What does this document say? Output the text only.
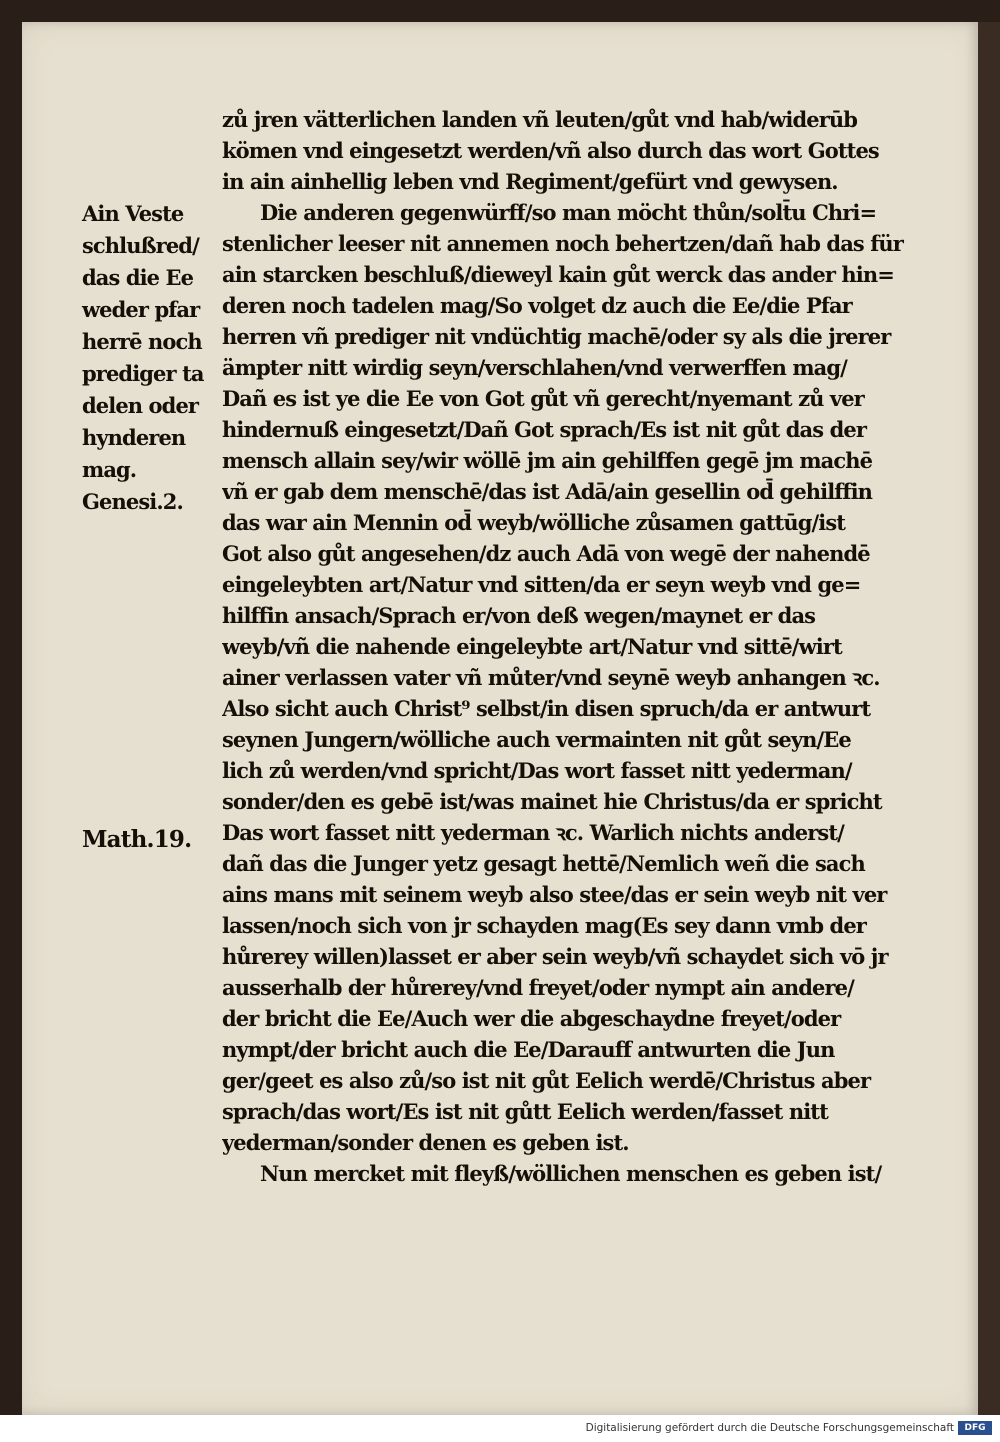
zů jren vätterlichen landen vñ leuten/gůt vnd hab/widerūb
kömen vnd eingesetzt werden/vñ also durch das wort Gottes
in ain ainhellig leben vnd Regiment/gefürt vnd gewysen.
Die anderen gegenwürff/so man möcht thůn/solt̄u Chri=
stenlicher leeser nit annemen noch behertzen/dañ hab das für
ain starcken beschluß/dieweyl kain gůt werck das ander hin=
deren noch tadelen mag/So volget dz auch die Ee/die Pfar
herren vñ prediger nit vndüchtig machē/oder sy als die jrerer
ämpter nitt wirdig seyn/verschlahen/vnd verwerffen mag/
Dañ es ist ye die Ee von Got gůt vñ gerecht/nyemant zů ver
hindernuß eingesetzt/Dañ Got sprach/Es ist nit gůt das der
mensch allain sey/wir wöllē jm ain gehilffen gegē jm machē
vñ er gab dem menschē/das ist Adā/ain gesellin od̄ gehilffin
das war ain Mennin od̄ weyb/wölliche zůsamen gattūg/ist
Got also gůt angesehen/dz auch Adā von wegē der nahendē
eingeleybten art/Natur vnd sitten/da er seyn weyb vnd ge=
hilffin ansach/Sprach er/von deß wegen/maynet er das
weyb/vñ die nahende eingeleybte art/Natur vnd sittē/wirt
ainer verlassen vater vñ můter/vnd seynē weyb anhangen ꝛc.
Also sicht auch Christ⁹ selbst/in disen spruch/da er antwurt
seynen Jungern/wölliche auch vermainten nit gůt seyn/Ee
lich zů werden/vnd spricht/Das wort fasset nitt yederman/
sonder/den es gebē ist/was mainet hie Christus/da er spricht
Das wort fasset nitt yederman ꝛc. Warlich nichts anderst/
dañ das die Junger yetz gesagt hettē/Nemlich weñ die sach
ains mans mit seinem weyb also stee/das er sein weyb nit ver
lassen/noch sich von jr schayden mag(Es sey dann vmb der
hůrerey willen)lasset er aber sein weyb/vñ schaydet sich vō jr
ausserhalb der hůrerey/vnd freyet/oder nympt ain andere/
der bricht die Ee/Auch wer die abgeschaydne freyet/oder
nympt/der bricht auch die Ee/Darauff antwurten die Jun
ger/geet es also zů/so ist nit gůt Eelich werdē/Christus aber
sprach/das wort/Es ist nit gůtt Eelich werden/fasset nitt
yederman/sonder denen es geben ist.
Nun mercket mit fleyß/wöllichen menschen es geben ist/
Ain Veste
schlußred/
das die Ee
weder pfar
herrē noch
prediger ta
delen oder
hynderen
mag.
Genesi.2.
Math.19.
Digitalisierung gefördert durch die Deutsche Forschungsgemeinschaft	DFG
